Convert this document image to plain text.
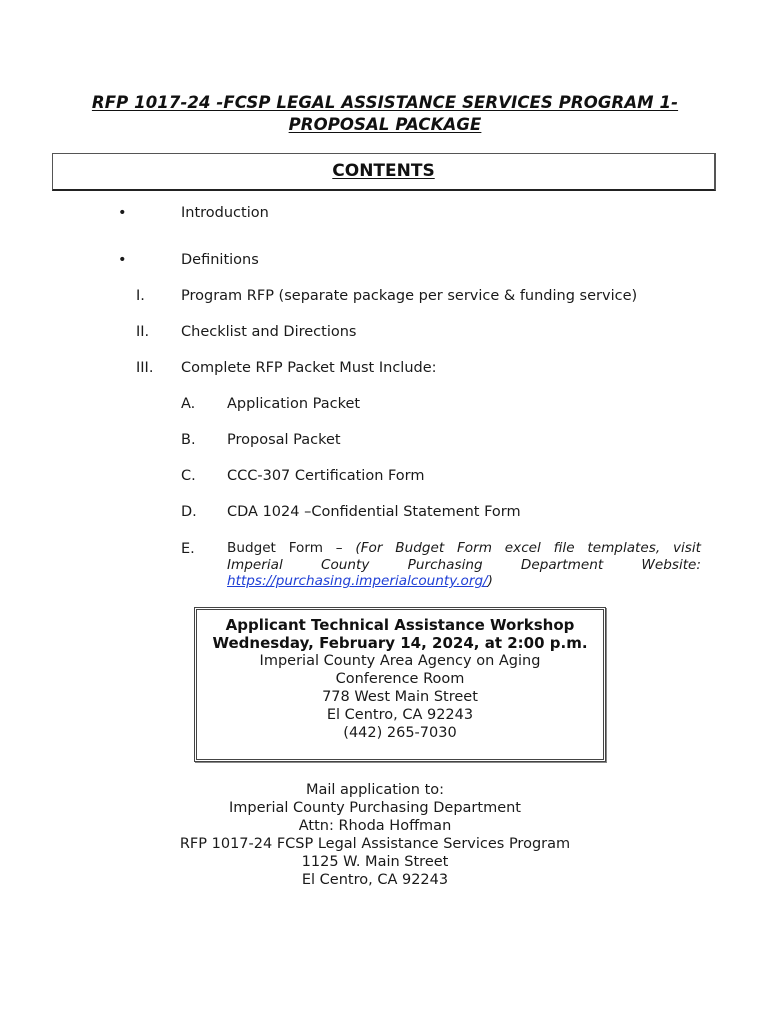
RFP 1017-24 -FCSP LEGAL ASSISTANCE SERVICES PROGRAM 1-
PROPOSAL PACKAGE
CONTENTS
•	Introduction
•	Definitions
I. Program RFP (separate package per service & funding service)
II. Checklist and Directions
III. Complete RFP Packet Must Include:
A. Application Packet
B. Proposal Packet
C. CCC-307 Certification Form
D. CDA 1024 –Confidential Statement Form
E. Budget Form – (For Budget Form excel file templates, visit
Imperial County Purchasing Department Website:
https://purchasing.imperialcounty.org/)
Applicant Technical Assistance Workshop
Wednesday, February 14, 2024, at 2:00 p.m.
Imperial County Area Agency on Aging
Conference Room
778 West Main Street
El Centro, CA 92243
(442) 265-7030
Mail application to:
Imperial County Purchasing Department
Attn: Rhoda Hoffman
RFP 1017-24 FCSP Legal Assistance Services Program
1125 W. Main Street
El Centro, CA 92243
